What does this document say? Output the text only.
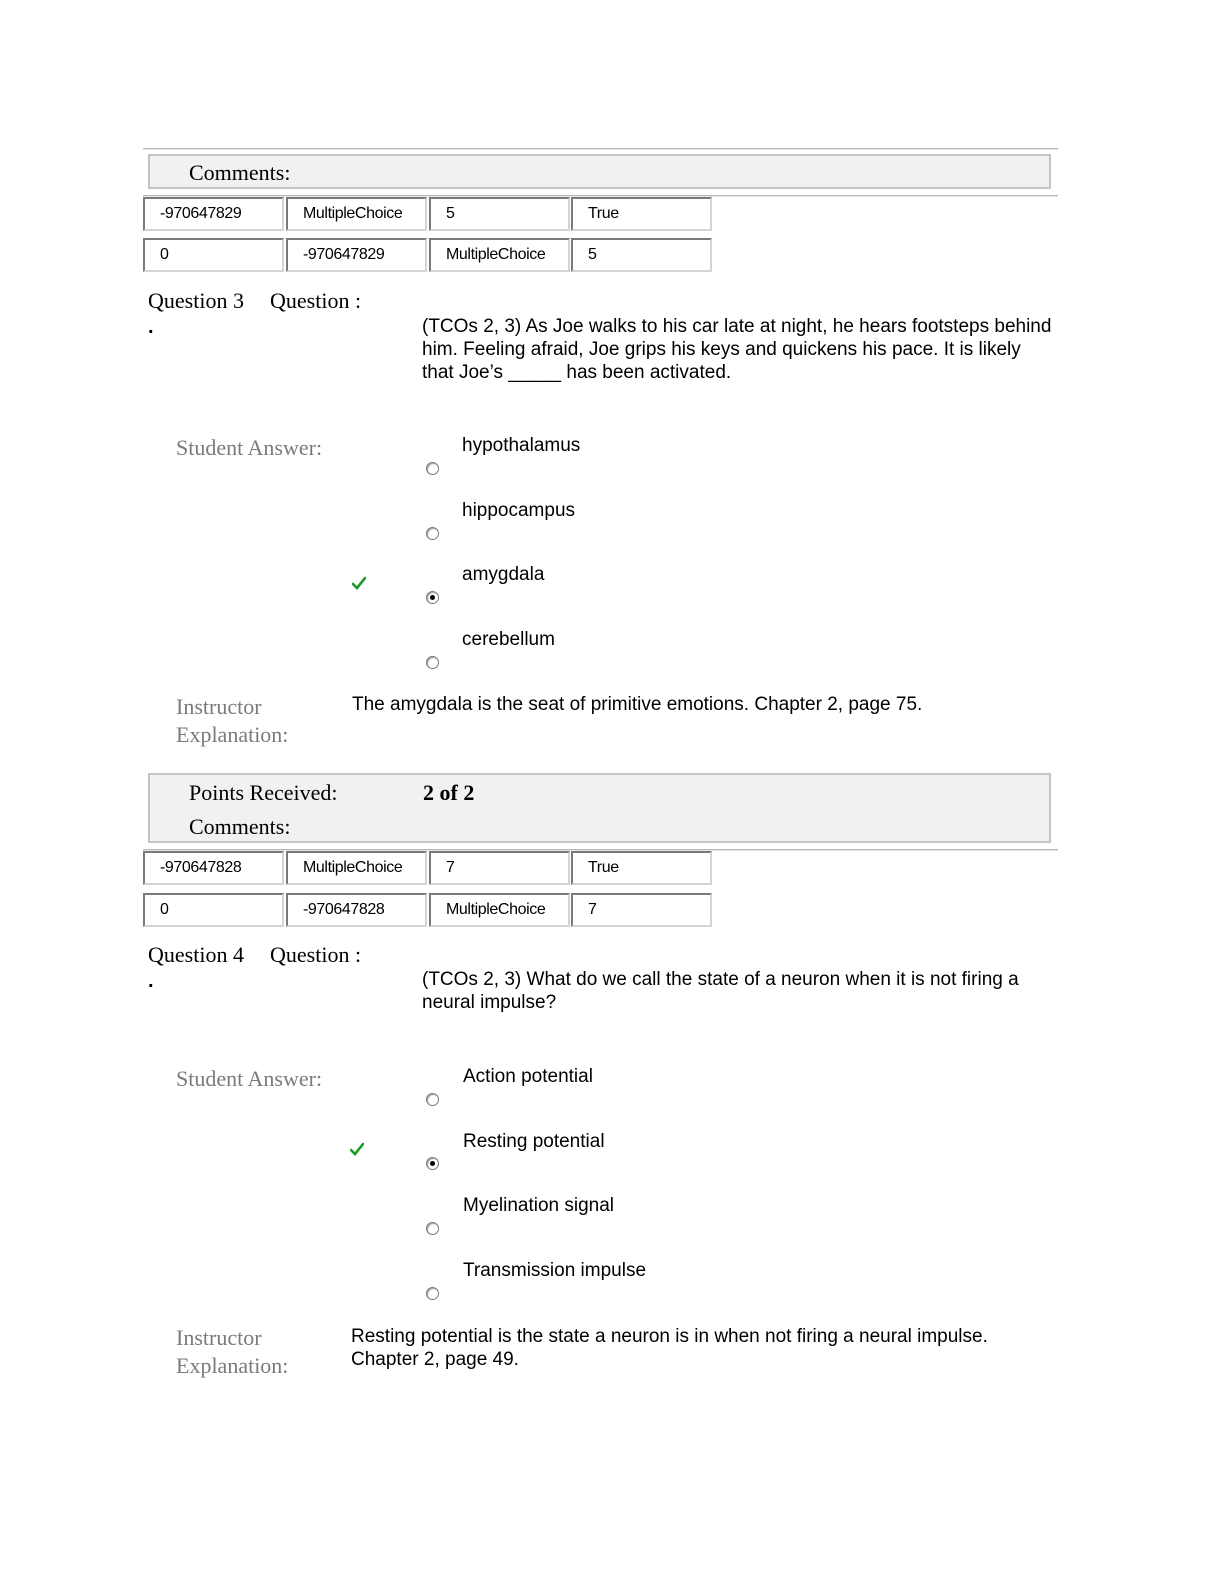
Comments:
-970647829	MultipleChoice	5	True
0	-970647829	MultipleChoice	5
Question 3 Question :
.	(TCOs 2, 3) As Joe walks to his car late at night, he hears footsteps behind him. Feeling afraid, Joe grips his keys and quickens his pace. It is likely that Joe’s _____ has been activated.
Student Answer:	hypothalamus
hippocampus
amygdala
cerebellum
Instructor
Explanation:
The amygdala is the seat of primitive emotions. Chapter 2, page 75.
Points Received:	2 of 2
Comments:
-970647828	MultipleChoice	7	True
0	-970647828	MultipleChoice	7
Question 4 Question :
.	(TCOs 2, 3) What do we call the state of a neuron when it is not firing a neural impulse?
Student Answer:	Action potential
Resting potential
Myelination signal
Transmission impulse
Instructor
Explanation:
Resting potential is the state a neuron is in when not firing a neural impulse. Chapter 2, page 49.
